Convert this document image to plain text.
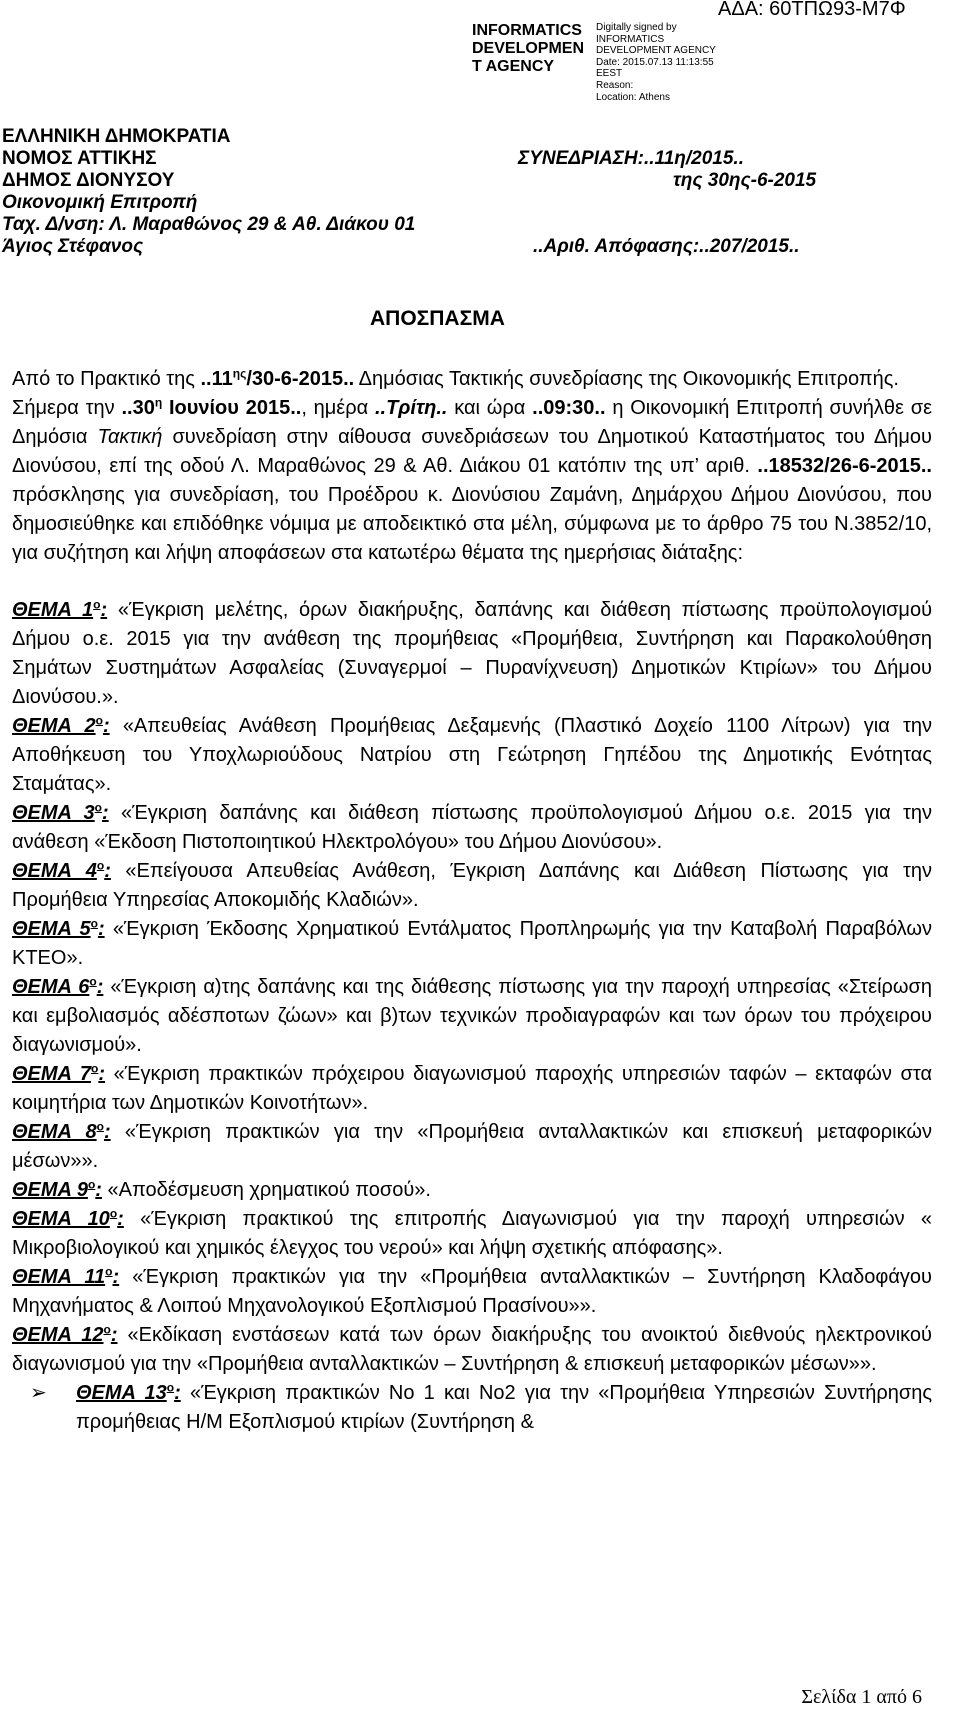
INFORMATICS
DEVELOPMEN
T AGENCY
Digitally signed by
INFORMATICS
DEVELOPMENT AGENCY
Date: 2015.07.13 11:13:55
EEST
Reason:
Location: Athens
ΑΔΑ: 60ΤΠΩ93-Μ7Φ
ΕΛΛΗΝΙΚΗ ΔΗΜΟΚΡΑΤΙΑ
ΝΟΜΟΣ ΑΤΤΙΚΗΣ
ΔΗΜΟΣ ΔΙΟΝΥΣΟΥ
Οικονομική Επιτροπή
Ταχ. Δ/νση: Λ. Μαραθώνος 29 & Αθ. Διάκου 01
Άγιος Στέφανος
ΣΥΝΕΔΡΙΑΣΗ:..11η/2015..
της 30ης-6-2015
..Αριθ. Απόφασης:..207/2015..
ΑΠΟΣΠΑΣΜΑ

Από το Πρακτικό της $..11^{\eta\varsigma}/30-6-2015$.. Δημόσιας Τακτικής συνεδρίασης της Οικονομικής Επιτροπής.

Σήμερα την $..30^\eta$ Ιουνίου 2015.., ημέρα ..Τρίτη.. και ώρα ..09:30.. η Οικονομική Επιτροπή συνήλθε σε Δημόσια Τακτική συνεδρίαση στην αίθουσα συνεδριάσεων του Δημοτικού Καταστήματος του Δήμου Διονύσου, επί της οδού Λ. Μαραθώνος 29 & Αθ. Διάκου 01 κατόπιν της υπ’ αριθ. ..18532/26-6-2015.. πρόσκλησης για συνεδρίαση, του Προέδρου κ. Διονύσιου Ζαμάνη, Δημάρχου Δήμου Διονύσου, που δημοσιεύθηκε και επιδόθηκε νόμιμα με αποδεικτικό στα μέλη, σύμφωνα με το άρθρο 75 του Ν.3852/10, για συζήτηση και λήψη αποφάσεων στα κατωτέρω θέματα της ημερήσιας διάταξης:

ΘΕΜΑ $1^o$: «Έγκριση μελέτης, όρων διακήρυξης, δαπάνης και διάθεση πίστωσης προϋπολογισμού Δήμου ο.ε. 2015 για την ανάθεση της προμήθειας «Προμήθεια, Συντήρηση και Παρακολούθηση Σημάτων Συστημάτων Ασφαλείας (Συναγερμοί – Πυρανίχνευση) Δημοτικών Κτιρίων» του Δήμου Διονύσου.».

ΘΕΜΑ $2^o$: «Απευθείας Ανάθεση Προμήθειας Δεξαμενής (Πλαστικό Δοχείο 1100 Λίτρων) για την Αποθήκευση του Υποχλωριούδους Νατρίου στη Γεώτρηση Γηπέδου της Δημοτικής Ενότητας Σταμάτας».

ΘΕΜΑ $3^o$: «Έγκριση δαπάνης και διάθεση πίστωσης προϋπολογισμού Δήμου ο.ε. 2015 για την ανάθεση «Έκδοση Πιστοποιητικού Ηλεκτρολόγου» του Δήμου Διονύσου».

ΘΕΜΑ $4^o$: «Επείγουσα Απευθείας Ανάθεση, Έγκριση Δαπάνης και Διάθεση Πίστωσης για την Προμήθεια Υπηρεσίας Αποκομιδής Κλαδιών».

ΘΕΜΑ $5^o$: «Έγκριση Έκδοσης Χρηματικού Εντάλματος Προπληρωμής για την Καταβολή Παραβόλων ΚΤΕΟ».

ΘΕΜΑ $6^o$: «Έγκριση α)της δαπάνης και της διάθεσης πίστωσης για την παροχή υπηρεσίας «Στείρωση και εμβολιασμός αδέσποτων ζώων» και β)των τεχνικών προδιαγραφών και των όρων του πρόχειρου διαγωνισμού».

ΘΕΜΑ $7^o$: «Έγκριση πρακτικών πρόχειρου διαγωνισμού παροχής υπηρεσιών ταφών – εκταφών στα κοιμητήρια των Δημοτικών Κοινοτήτων».

ΘΕΜΑ $8^o$: «Έγκριση πρακτικών για την «Προμήθεια ανταλλακτικών και επισκευή μεταφορικών μέσων»».

ΘΕΜΑ $9^o$: «Αποδέσμευση χρηματικού ποσού».

ΘΕΜΑ $10^o$: «Έγκριση πρακτικού της επιτροπής Διαγωνισμού για την παροχή υπηρεσιών « Μικροβιολογικού και χημικός έλεγχος του νερού» και λήψη σχετικής απόφασης».

ΘΕΜΑ $11^o$: «Έγκριση πρακτικών για την «Προμήθεια ανταλλακτικών – Συντήρηση Κλαδοφάγου Μηχανήματος & Λοιπού Μηχανολογικού Εξοπλισμού Πρασίνου»».

ΘΕΜΑ $12^o$: «Εκδίκαση ενστάσεων κατά των όρων διακήρυξης του ανοικτού διεθνούς ηλεκτρονικού διαγωνισμού για την «Προμήθεια ανταλλακτικών – Συντήρηση & επισκευή μεταφορικών μέσων»».

➢ ΘΕΜΑ $13^o$: «Έγκριση πρακτικών Νο 1 και Νο2 για την «Προμήθεια Υπηρεσιών Συντήρησης προμήθειας Η/Μ Εξοπλισμού κτιρίων (Συντήρηση &

Σελίδα 1 από 6
